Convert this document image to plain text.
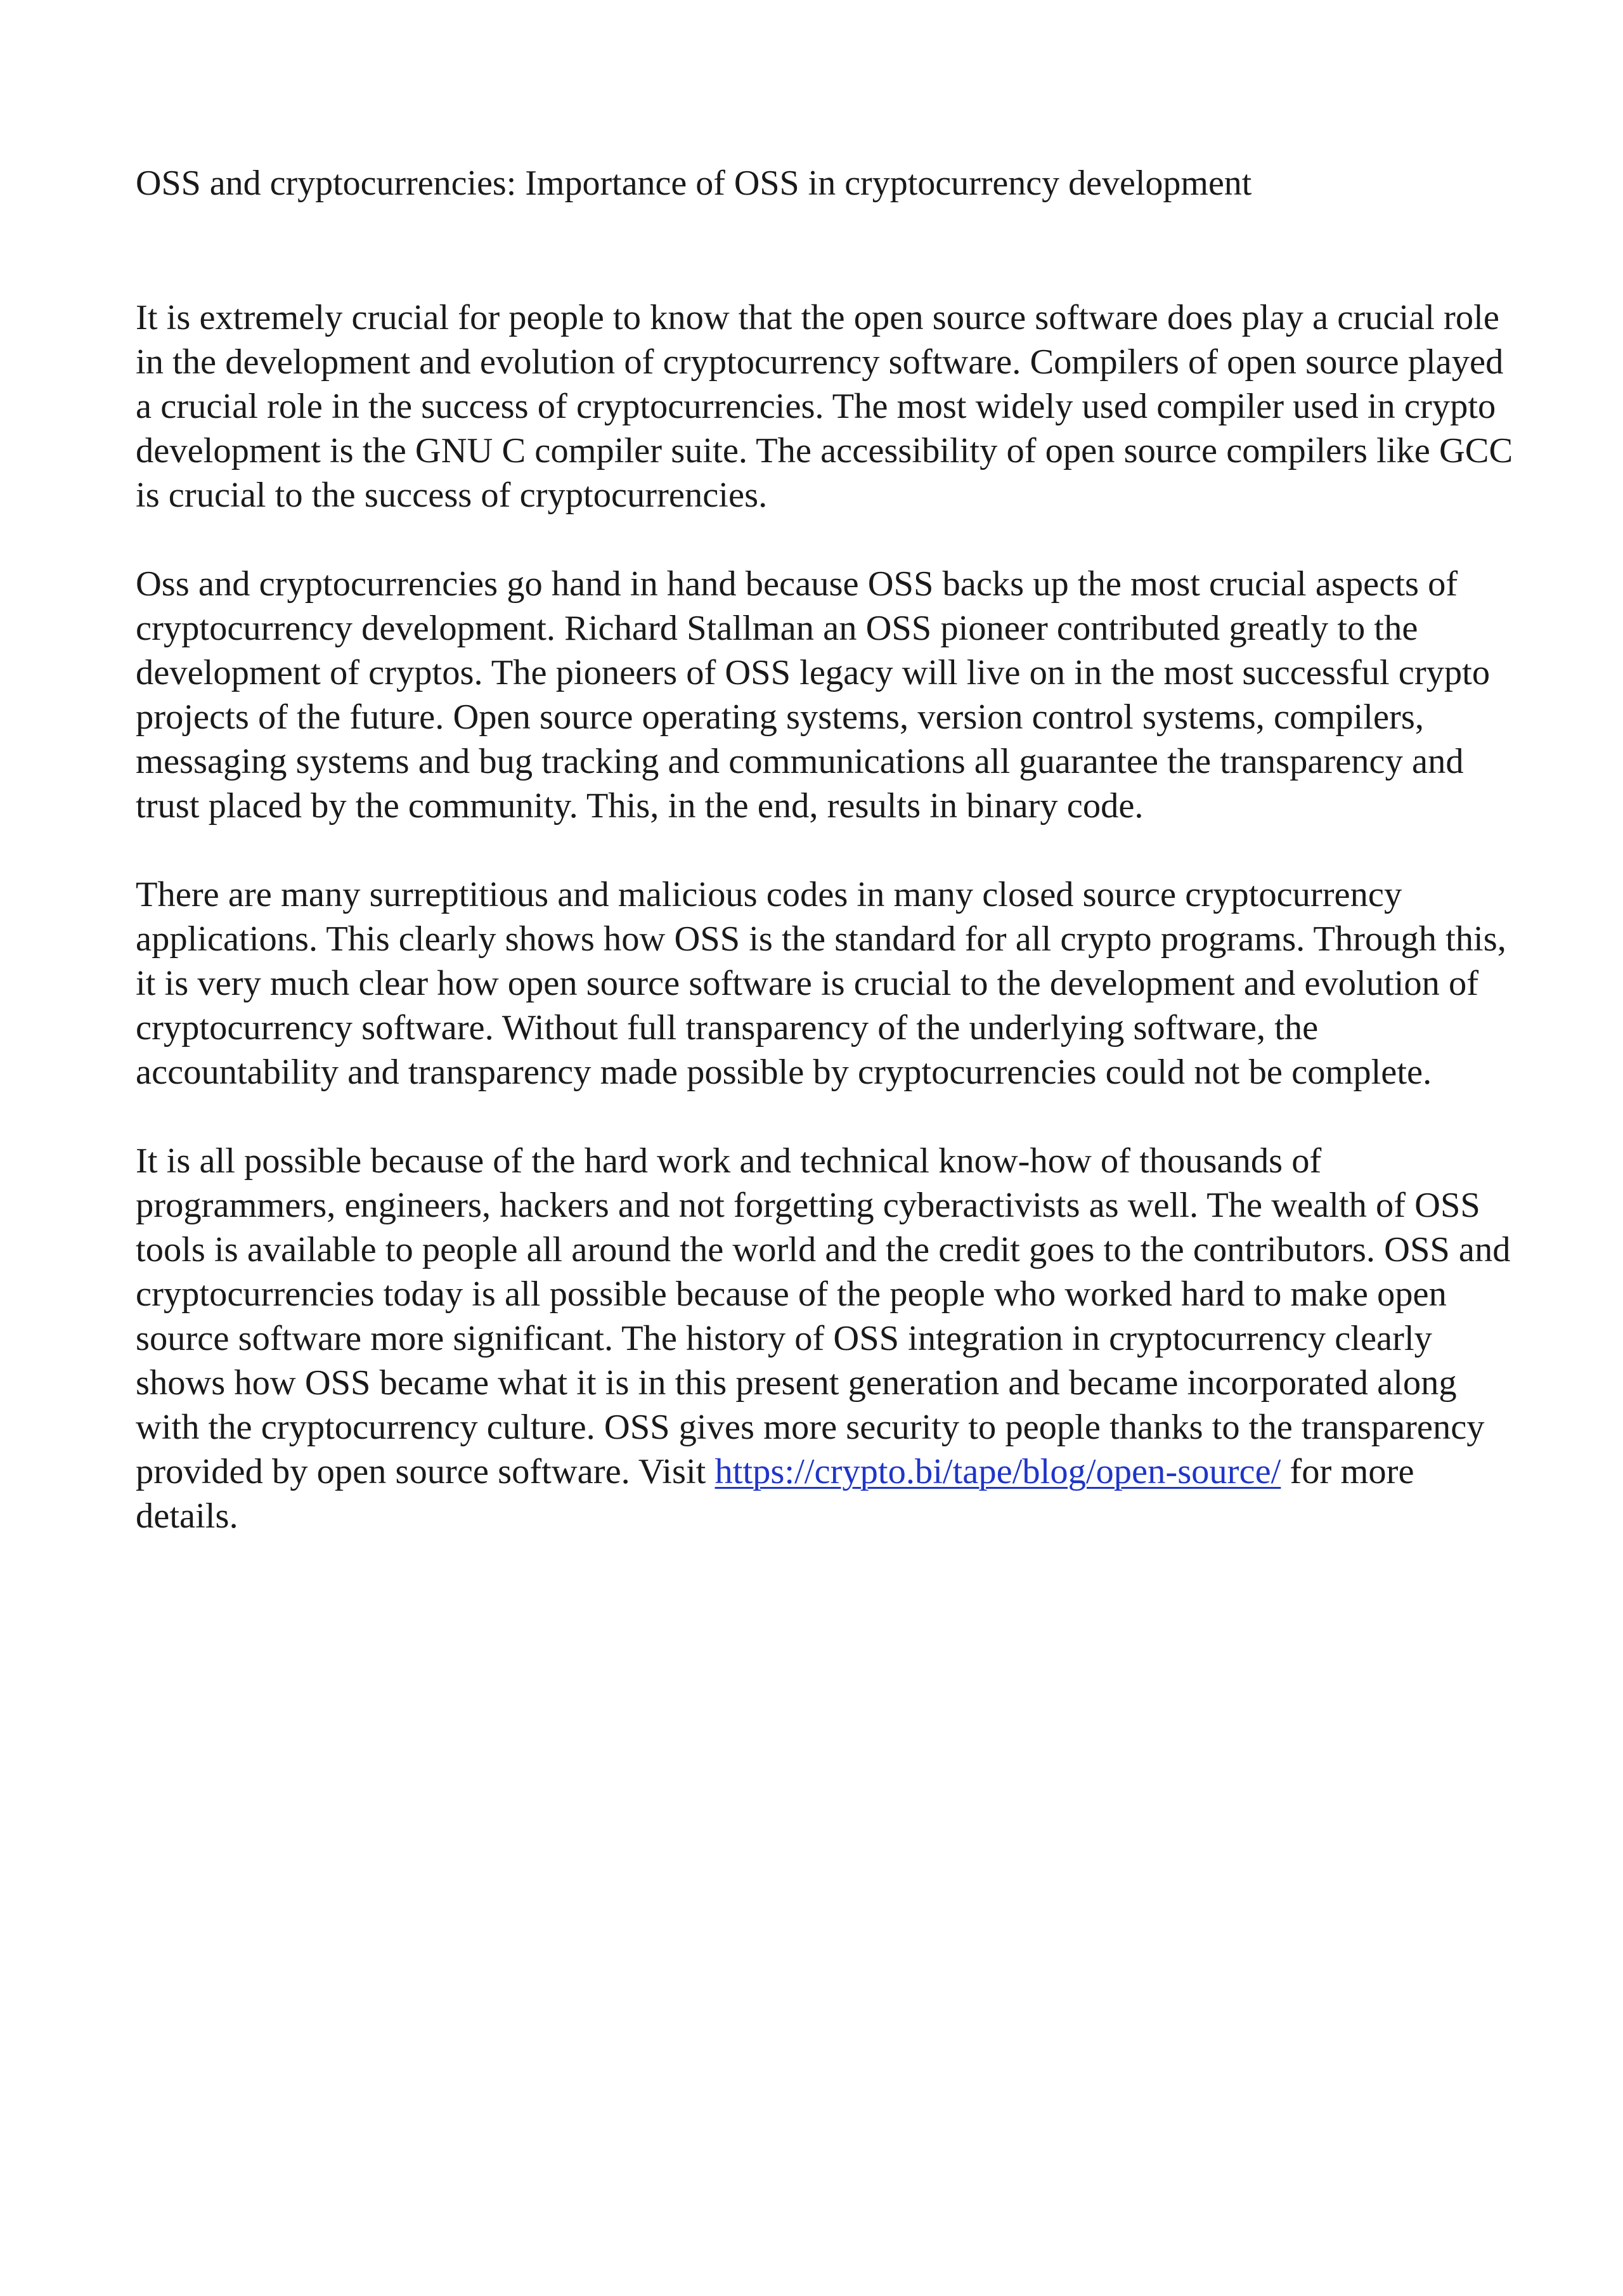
OSS and cryptocurrencies: Importance of OSS in cryptocurrency development

It is extremely crucial for people to know that the open source software does play a crucial role in the development and evolution of cryptocurrency software. Compilers of open source played a crucial role in the success of cryptocurrencies. The most widely used compiler used in crypto development is the GNU C compiler suite. The accessibility of open source compilers like GCC is crucial to the success of cryptocurrencies.

Oss and cryptocurrencies go hand in hand because OSS backs up the most crucial aspects of cryptocurrency development. Richard Stallman an OSS pioneer contributed greatly to the development of cryptos. The pioneers of OSS legacy will live on in the most successful crypto projects of the future. Open source operating systems, version control systems, compilers, messaging systems and bug tracking and communications all guarantee the transparency and trust placed by the community. This, in the end, results in binary code.

There are many surreptitious and malicious codes in many closed source cryptocurrency applications. This clearly shows how OSS is the standard for all crypto programs. Through this, it is very much clear how open source software is crucial to the development and evolution of cryptocurrency software. Without full transparency of the underlying software, the accountability and transparency made possible by cryptocurrencies could not be complete.

It is all possible because of the hard work and technical know-how of thousands of programmers, engineers, hackers and not forgetting cyberactivists as well. The wealth of OSS tools is available to people all around the world and the credit goes to the contributors. OSS and cryptocurrencies today is all possible because of the people who worked hard to make open source software more significant. The history of OSS integration in cryptocurrency clearly shows how OSS became what it is in this present generation and became incorporated along with the cryptocurrency culture. OSS gives more security to people thanks to the transparency provided by open source software. Visit https://crypto.bi/tape/blog/open-source/ for more details.
